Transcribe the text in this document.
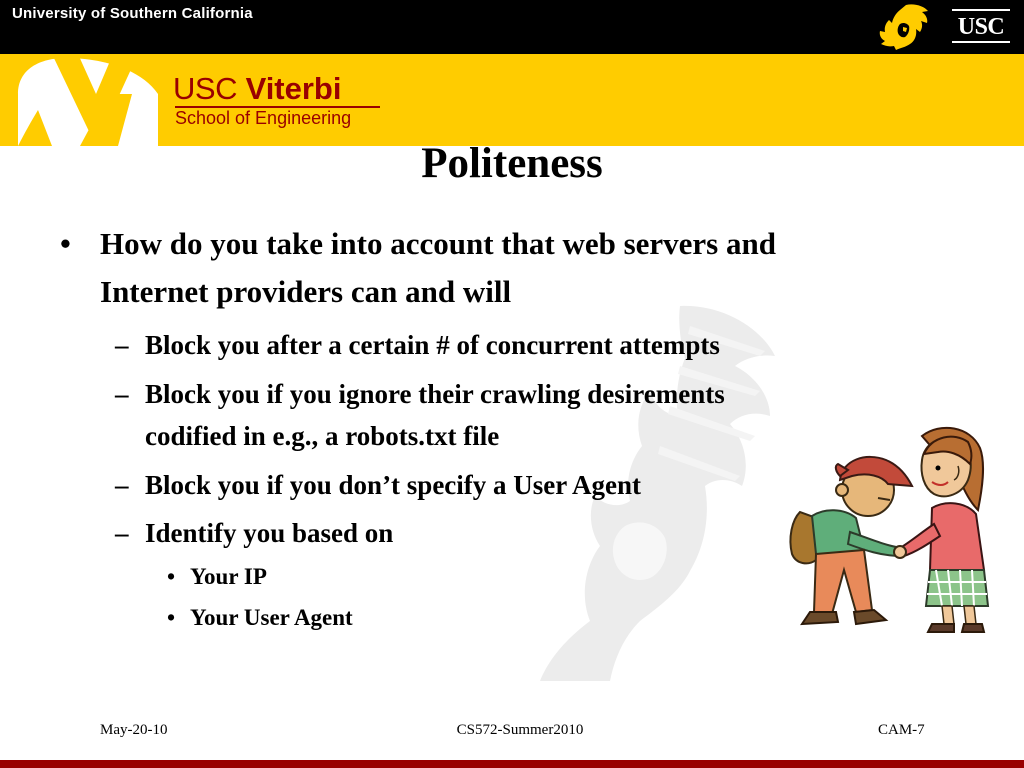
University of Southern California
USC
USC Viterbi
School of Engineering
Politeness
• How do you take into account that web servers and
Internet providers can and will
– Block you after a certain # of concurrent attempts
– Block you if you ignore their crawling desirements
codified in e.g., a robots.txt file
– Block you if you don’t specify a User Agent
– Identify you based on
• Your IP
• Your User Agent
May-20-10	CS572-Summer2010	CAM-7
